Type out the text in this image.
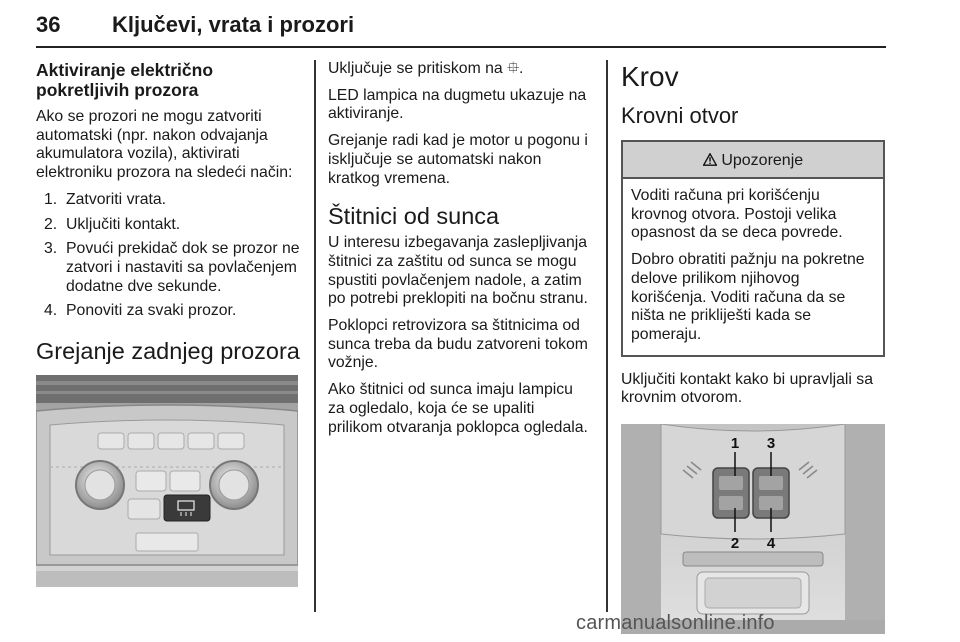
36 Ključevi, vrata i prozori
Aktiviranje električno pokretljivih prozora
Ako se prozori ne mogu zatvoriti automatski (npr. nakon odvajanja akumulatora vozila), aktivirati elektroniku prozora na sledeći način:
1. Zatvoriti vrata.
2. Uključiti kontakt.
3. Povući prekidač dok se prozor ne zatvori i nastaviti sa povlačenjem dodatne dve sekunde.
4. Ponoviti za svaki prozor.
Grejanje zadnjeg prozora
Uključuje se pritiskom na ⯐.
LED lampica na dugmetu ukazuje na aktiviranje.
Grejanje radi kad je motor u pogonu i isključuje se automatski nakon kratkog vremena.
Štitnici od sunca
U interesu izbegavanja zaslepljivanja štitnici za zaštitu od sunca se mogu spustiti povlačenjem nadole, a zatim po potrebi preklopiti na bočnu stranu.
Poklopci retrovizora sa štitnicima od sunca treba da budu zatvoreni tokom vožnje.
Ako štitnici od sunca imaju lampicu za ogledalo, koja će se upaliti prilikom otvaranja poklopca ogledala.
Krov
Krovni otvor
Upozorenje
Voditi računa pri korišćenju krovnog otvora. Postoji velika opasnost da se deca povrede.
Dobro obratiti pažnju na pokretne delove prilikom njihovog korišćenja. Voditi računa da se ništa ne prikliješti kada se pomeraju.
Uključiti kontakt kako bi upravljali sa krovnim otvorom.
1 3
2 4
carmanualsonline.info
